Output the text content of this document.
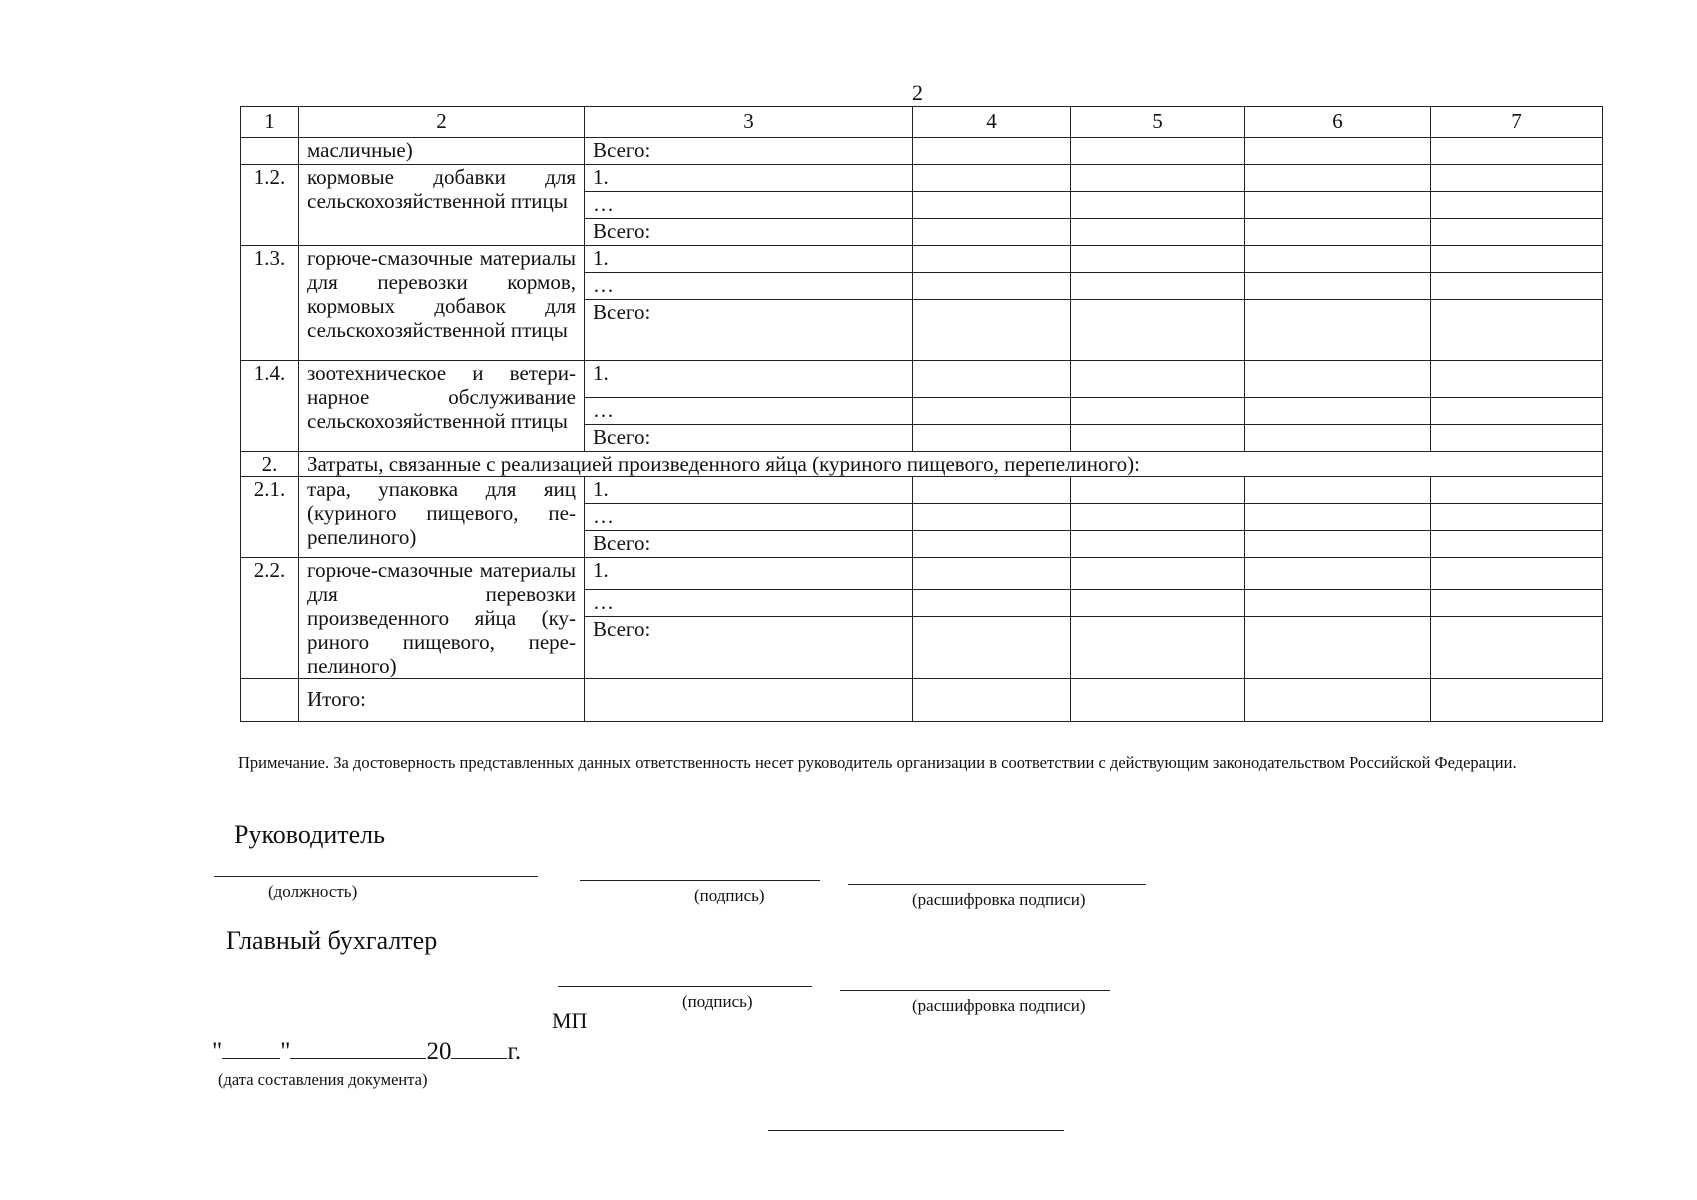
2
1	2	3	4	5	6	7
	масличные)	Всего:				
1.2.	кормовые добавки для сельскохозяйственной птицы	1.				
		…				
		Всего:				
1.3.	горюче-смазочные материалы для перевозки кормов, кормовых добавок для сельскохозяйственной птицы	1.				
		…				
		Всего:				
1.4.	зоотехническое и ветеринарное обслуживание сельскохозяйственной птицы	1.				
		…				
		Всего:				
2.	Затраты, связанные с реализацией произведенного яйца (куриного пищевого, перепелиного):					
2.1.	тара, упаковка для яиц (куриного пищевого, перепелиного)	1.				
		…				
		Всего:				
2.2.	горюче-смазочные материалы для перевозки произведенного яйца (куриного пищевого, перепелиного)	1.				
		…				
		Всего:				
	Итого:					
Примечание. За достоверность представленных данных ответственность несет руководитель организации в соответствии с действующим законодательством Российской Федерации.
Руководитель
(должность)	(подпись)	(расшифровка подписи)
Главный бухгалтер
(подпись)	(расшифровка подписи)
МП
" "	20 г.
(дата составления документа)
